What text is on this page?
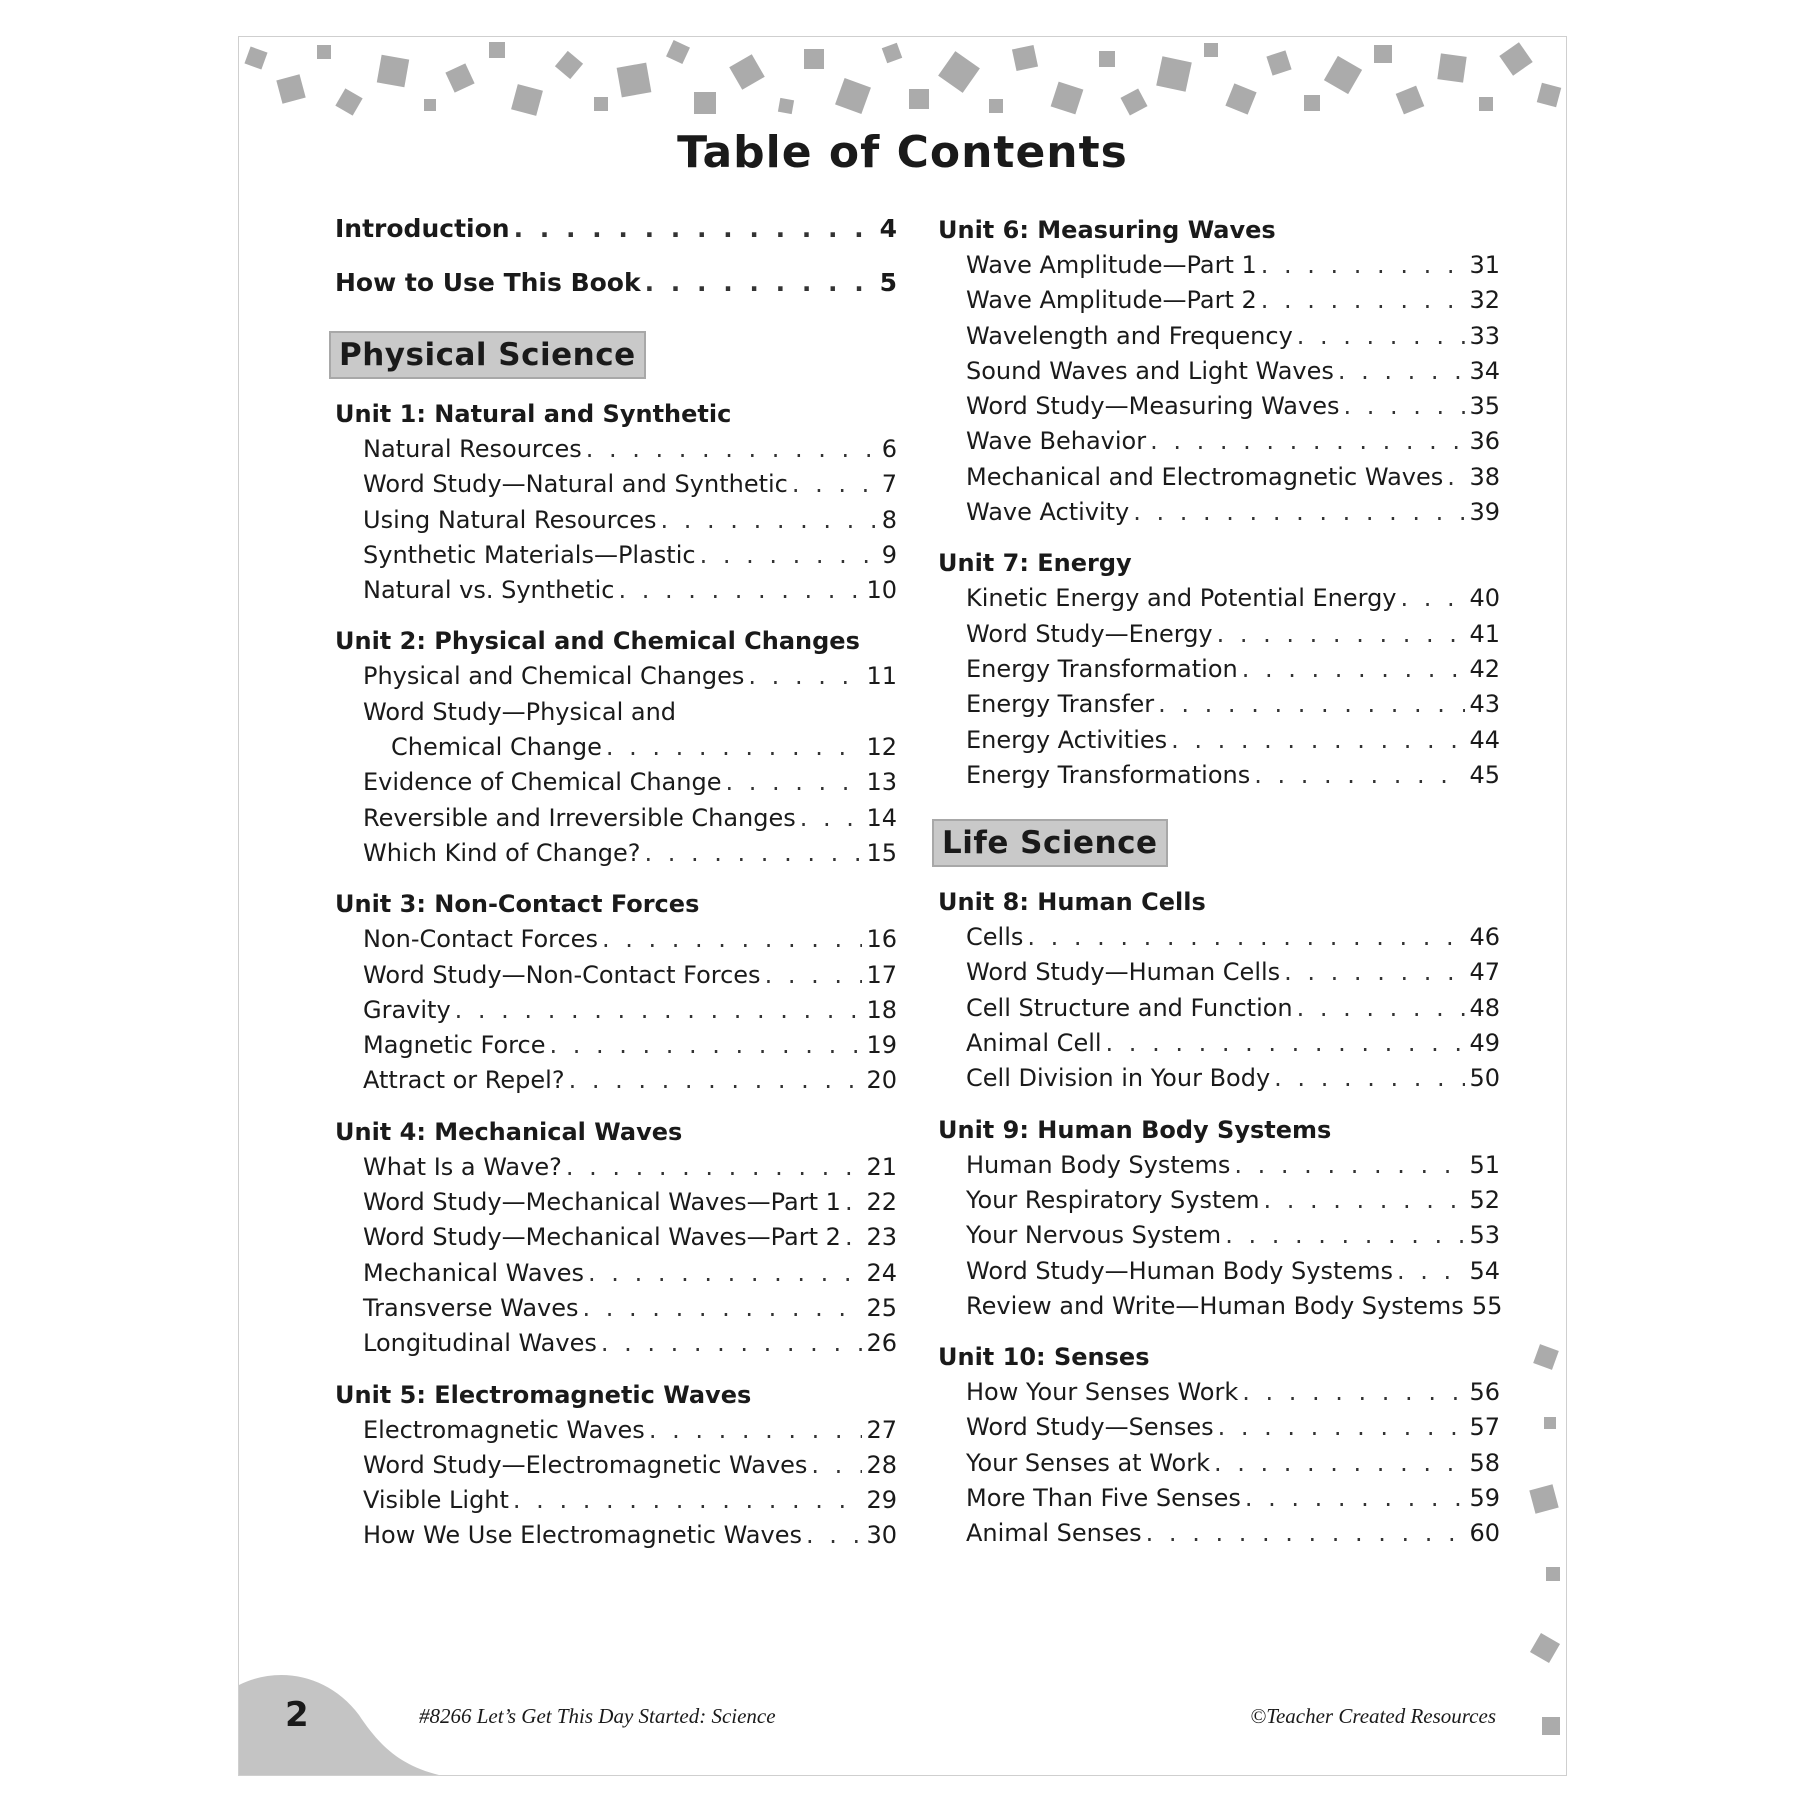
Table of Contents
Introduction . . .	4
How to Use This Book . . .	5
Physical Science
Unit 1: Natural and Synthetic
Natural Resources . . .	6
Word Study—Natural and Synthetic . . .	7
Using Natural Resources . . .	8
Synthetic Materials—Plastic . . .	9
Natural vs. Synthetic . . .	10
Unit 2: Physical and Chemical Changes
Physical and Chemical Changes . . .	11
Word Study—Physical and
Chemical Change . . .	12
Evidence of Chemical Change . . .	13
Reversible and Irreversible Changes . . .	14
Which Kind of Change? . . .	15
Unit 3: Non-Contact Forces
Non-Contact Forces . . .	16
Word Study—Non-Contact Forces . . .	17
Gravity . . .	18
Magnetic Force . . .	19
Attract or Repel? . . .	20
Unit 4: Mechanical Waves
What Is a Wave? . . .	21
Word Study—Mechanical Waves—Part 1 . . . 22
Word Study—Mechanical Waves—Part 2 . . . 23
Mechanical Waves . . .	24
Transverse Waves . . .	25
Longitudinal Waves . . .	26
Unit 5: Electromagnetic Waves
Electromagnetic Waves . . .	27
Word Study—Electromagnetic Waves . . . 28
Visible Light . . .	29
How We Use Electromagnetic Waves . . .	30
Unit 6: Measuring Waves
Wave Amplitude—Part 1 . . .	31
Wave Amplitude—Part 2 . . .	32
Wavelength and Frequency . . .	33
Sound Waves and Light Waves . . .	34
Word Study—Measuring Waves . . .	35
Wave Behavior . . .	36
Mechanical and Electromagnetic Waves . . . 38
Wave Activity . . .	39
Unit 7: Energy
Kinetic Energy and Potential Energy . . .	40
Word Study—Energy . . .	41
Energy Transformation . . .	42
Energy Transfer . . .	43
Energy Activities . . .	44
Energy Transformations . . .	45
Life Science
Unit 8: Human Cells
Cells . . .	46
Word Study—Human Cells . . .	47
Cell Structure and Function . . .	48
Animal Cell . . .	49
Cell Division in Your Body . . .	50
Unit 9: Human Body Systems
Human Body Systems . . .	51
Your Respiratory System . . .	52
Your Nervous System . . .	53
Word Study—Human Body Systems . . .	54
Review and Write—Human Body Systems 55
Unit 10: Senses
How Your Senses Work . . .	56
Word Study—Senses . . .	57
Your Senses at Work . . .	58
More Than Five Senses . . .	59
Animal Senses . . .	60
2	#8266 Let’s Get This Day Started: Science	©Teacher Created Resources
